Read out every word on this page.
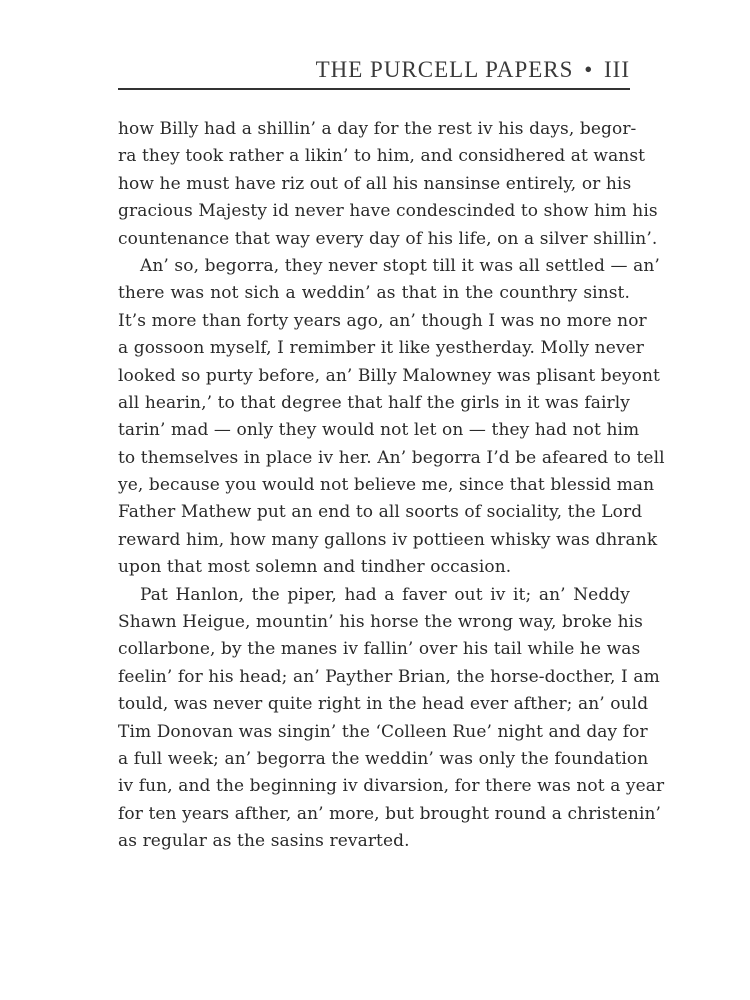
THE PURCELL PAPERS • III
how Billy had a shillin’ a day for the rest iv his days, begor-
ra they took rather a likin’ to him, and considhered at wanst
how he must have riz out of all his nansinse entirely, or his
gracious Majesty id never have condescinded to show him his
countenance that way every day of his life, on a silver shillin’.
An’ so, begorra, they never stopt till it was all settled — an’
there was not sich a weddin’ as that in the counthry sinst.
It’s more than forty years ago, an’ though I was no more nor
a gossoon myself, I remimber it like yestherday. Molly never
looked so purty before, an’ Billy Malowney was plisant beyont
all hearin,’ to that degree that half the girls in it was fairly
tarin’ mad — only they would not let on — they had not him
to themselves in place iv her. An’ begorra I’d be afeared to tell
ye, because you would not believe me, since that blessid man
Father Mathew put an end to all soorts of sociality, the Lord
reward him, how many gallons iv pottieen whisky was dhrank
upon that most solemn and tindher occasion.
Pat Hanlon, the piper, had a faver out iv it; an’ Neddy
Shawn Heigue, mountin’ his horse the wrong way, broke his
collarbone, by the manes iv fallin’ over his tail while he was
feelin’ for his head; an’ Payther Brian, the horse-docther, I am
tould, was never quite right in the head ever afther; an’ ould
Tim Donovan was singin’ the ‘Colleen Rue’ night and day for
a full week; an’ begorra the weddin’ was only the foundation
iv fun, and the beginning iv divarsion, for there was not a year
for ten years afther, an’ more, but brought round a christenin’
as regular as the sasins revarted.
